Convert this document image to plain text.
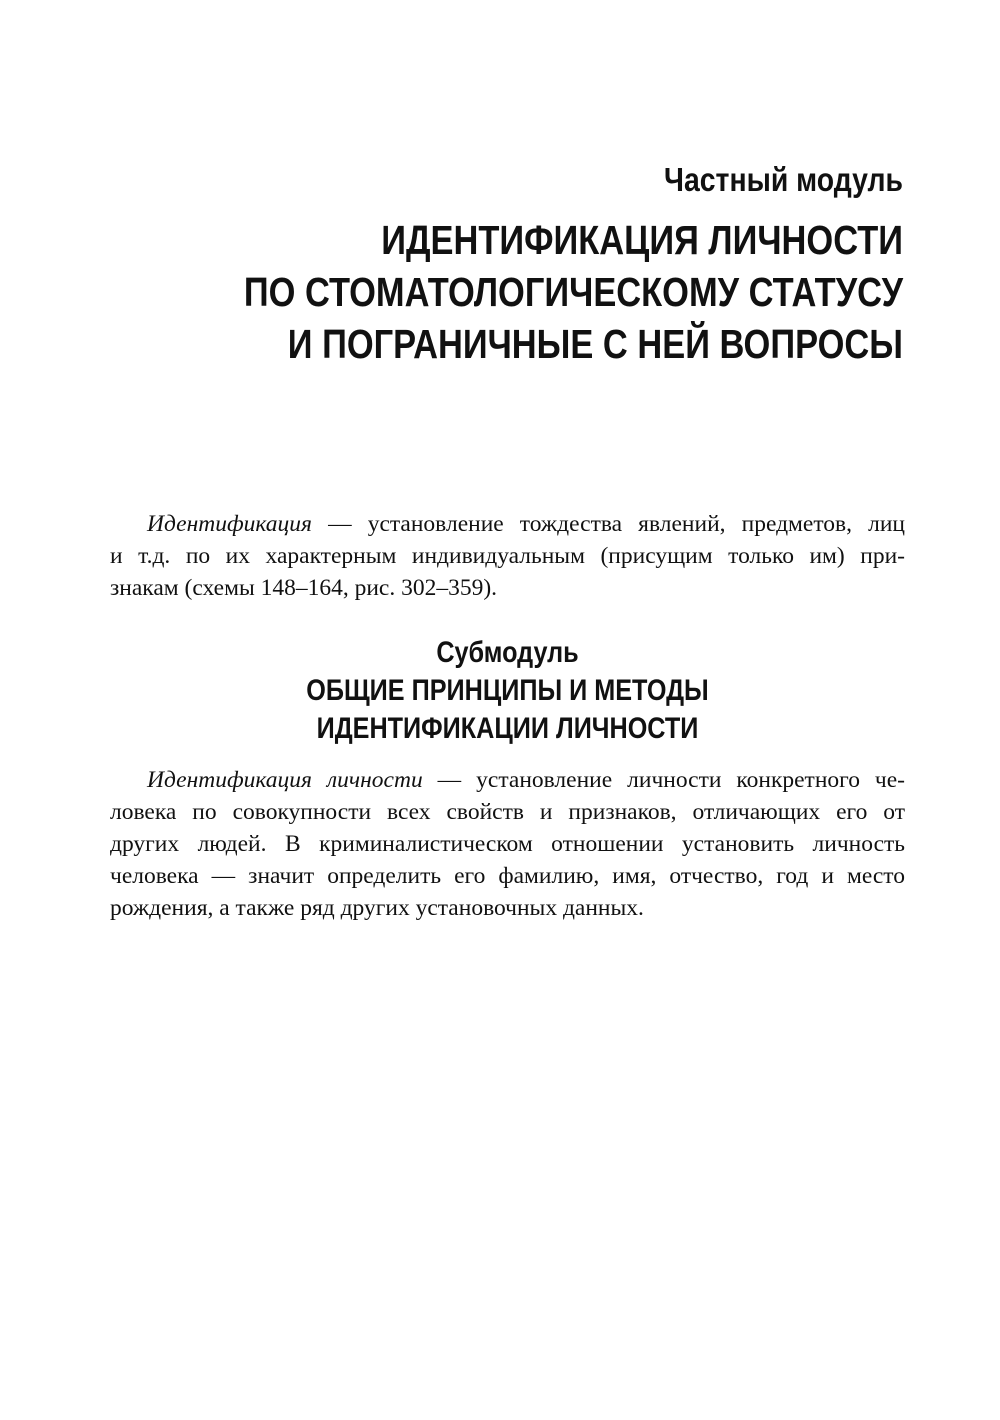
Частный модуль
ИДЕНТИФИКАЦИЯ ЛИЧНОСТИ
ПО СТОМАТОЛОГИЧЕСКОМУ СТАТУСУ
И ПОГРАНИЧНЫЕ С НЕЙ ВОПРОСЫ
Идентификация — установление тождества явлений, предметов, лиц
и т.д. по их характерным индивидуальным (присущим только им) при-
знакам (схемы 148–164, рис. 302–359).
Субмодуль
ОБЩИЕ ПРИНЦИПЫ И МЕТОДЫ
ИДЕНТИФИКАЦИИ ЛИЧНОСТИ
Идентификация личности — установление личности конкретного че-
ловека по совокупности всех свойств и признаков, отличающих его от
других людей. В криминалистическом отношении установить личность
человека — значит определить его фамилию, имя, отчество, год и место
рождения, а также ряд других установочных данных.
